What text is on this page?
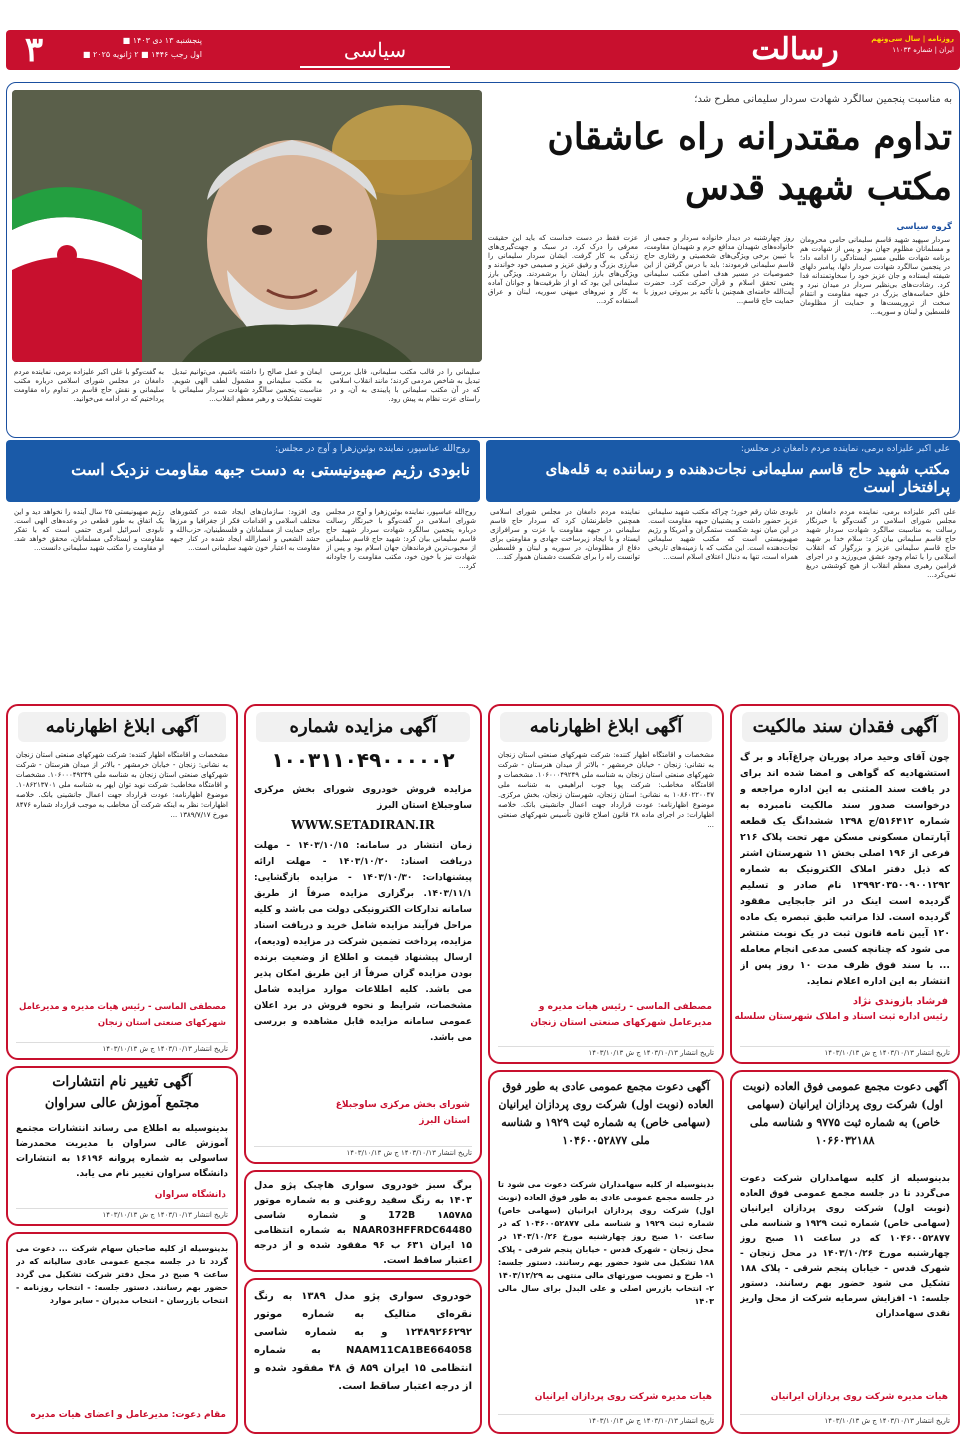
۳	پنجشنبه ۱۳ دی ۱۴۰۳ ■
اول رجب ۱۴۴۶ ■ ۲ ژانویه ۲۰۲۵ ■	سیاسی	رسالت	روزنامه | سال سی‌ونهم
ایران | شماره ۱۱۰۳۴
به مناسبت پنجمین سالگرد شهادت سردار سلیمانی مطرح شد؛
تداوم مقتدرانه راه عاشقان
مکتب شهید قدس
گروه سیاسی
سردار سپهبد شهید قاسم سلیمانی حامی محرومان و مسلمانان مظلوم جهان بود و پس از شهادت هم برنامه شهادت طلبی مسیر ایستادگی را ادامه داد؛ در پنجمین سالگرد شهادت سردار دلها، پیامبر دلهای شیفته ایستاده و جان عزیز خود را سخاوتمندانه فدا کرد. رشادت‌های بی‌نظیر سردار در میدان نبرد و خلق حماسه‌های بزرگ در جبهه مقاومت و انتقام سخت از تروریست‌ها و حمایت از مظلومان فلسطین و لبنان و سوریه...
روز چهارشنبه در دیدار خانواده سردار و جمعی از خانواده‌های شهیدان مدافع حرم و شهیدان مقاومت، با تبیین برخی ویژگی‌های شخصیتی و رفتاری حاج قاسم سلیمانی فرمودند: باید با درس گرفتن از این خصوصیات در مسیر هدف اصلی مکتب سلیمانی یعنی تحقق اسلام و قرآن حرکت کرد. حضرت آیت‌الله خامنه‌ای همچنین با تأکید بر بیروتی دیروز با حمایت حاج قاسم...
عزت فقط در دست خداست که باید این حقیقت معرفی را درک کرد. در سبک و جهت‌گیری‌های زندگی به کار گرفت. ایشان سردار سلیمانی را مبارزی بزرگ و رفیق عزیز و صمیمی خود خواندند و ویژگی‌های بارز ایشان را برشمردند. ویژگی بارز سلیمانی این بود که او از ظرفیت‌ها و جوانان آماده به کار و نیروهای میهنی سوریه، لبنان و عراق استفاده کرد...
سلیمانی را در قالب مکتب سلیمانی، قابل بررسی تبدیل به شاخص مردمی کردند؛ مانند انقلاب اسلامی که در آن مکتب سلیمانی با پایبندی به آن، و در راستای عزت نظام به پیش رود.
ایمان و عمل صالح را داشته باشیم، می‌توانیم تبدیل به مکتب سلیمانی و مشمول لطف الهی شویم. مناسبت پنجمین سالگرد شهادت سردار سلیمانی با تقویت تشکیلات و رهبر معظم انقلاب...
به گفت‌وگو با علی اکبر علیزاده برمی، نماینده مردم دامغان در مجلس شورای اسلامی درباره مکتب سلیمانی و نقش حاج قاسم در تداوم راه مقاومت پرداختیم که در ادامه می‌خوانید.
علی اکبر علیزاده برمی، نماینده مردم دامغان در مجلس:
مکتب شهید حاج قاسم سلیمانی نجات‌دهنده و رساننده به قله‌های پرافتخار است
روح‌الله عباسپور، نماینده بوئین‌زهرا و آوج در مجلس:
نابودی رژیم صهیونیستی به دست جبهه مقاومت نزدیک است
علی اکبر علیزاده برمی، نماینده مردم دامغان در مجلس شورای اسلامی در گفت‌وگو با خبرنگار رسالت به مناسبت سالگرد شهادت سردار شهید حاج قاسم سلیمانی بیان کرد: سلام خدا بر شهید حاج قاسم سلیمانی عزیز و بزرگوار که انقلاب اسلامی را با تمام وجود عشق می‌ورزید و در اجرای فرامین رهبری معظم انقلاب از هیچ کوششی دریغ نمی‌کرد...
نابودی شان رقم خورد؛ چراکه مکتب شهید سلیمانی عزیز حضور داشت و پشتیبان جبهه مقاومت است. در این میان نوید شکست ستمگران و آمریکا و رژیم صهیونیستی است که مکتب شهید سلیمانی نجات‌دهنده است. این مکتب که با زمینه‌های تاریخی همراه است، تنها به دنبال اعتلای اسلام است...
نماینده مردم دامغان در مجلس شورای اسلامی همچنین خاطرنشان کرد که سردار حاج قاسم سلیمانی در جبهه مقاومت با عزت و سرافرازی ایستاد و با ایجاد زیرساخت جهادی و مقاومتی برای دفاع از مظلومان، در سوریه و لبنان و فلسطین توانست راه را برای شکست دشمنان هموار کند...
روح‌الله عباسپور، نماینده بوئین‌زهرا و آوج در مجلس شورای اسلامی در گفت‌وگو با خبرنگار رسالت درباره پنجمین سالگرد شهادت سردار شهید حاج قاسم سلیمانی بیان کرد: شهید حاج قاسم سلیمانی از محبوب‌ترین فرماندهان جهان اسلام بود و پس از شهادت نیز با خون خود، مکتب مقاومت را جاودانه کرد...
وی افزود: سازمان‌های ایجاد شده در کشورهای مختلف اسلامی و اقدامات فکر از جغرافیا و مرزها برای حمایت از مسلمانان و فلسطینیان، حزب‌الله و حشد الشعبی و انصارالله ایجاد شده در کنار جبهه مقاومت به اعتبار خون شهید سلیمانی است...
رژیم صهیونیستی ۲۵ سال آینده را نخواهد دید و این یک اتفاق به طور قطعی در وعده‌های الهی است. نابودی اسرائیل امری حتمی است که با تفکر مقاومت و ایستادگی مسلمانان، محقق خواهد شد. او مقاومت را مکتب شهید سلیمانی دانست...
آگهی فقدان سند مالکیت
چون آقای وحید مراد پوریان چراغ‌آباد و بر گ استشهادیه که گواهی و امضا شده اند برای در یافت سند المثنی به این اداره مراجعه و درخواست صدور سند مالکیت نامبرده به شماره ۵۱۶۴۱۲/ج ۱۳۹۸ ششدانگ یک قطعه آپارتمان مسکونی مسکن مهر تحت پلاک ۲۱۶ فرعی از ۱۹۶ اصلی بخش ۱۱ شهرستان اشتر که ذیل دفتر املاک الکترونیک به شماره ۱۳۹۹۲۰۳۵۰۰۹۰۰۱۲۹۲ نام صادر و تسلیم گردیده است اینک در اثر جابجایی مفقود گردیده است. لذا مراتب طبق تبصره یک ماده ۱۲۰ آیین نامه قانون ثبت در یک نوبت منتشر می شود که چنانچه کسی مدعی انجام معامله ... با سند فوق ظرف مدت ۱۰ روز پس از انتشار به این اداره اعلام نماید.
فرشاد بازوندی نژاد
رئیس اداره ثبت اسناد و املاک شهرستان سلسله
تاریخ انتشار ۱۴۰۳/۱۰/۱۳ ج ش ۱۴۰۳/۱۰/۱۳
آگهی ابلاغ اظهارنامه
مشخصات و اقامتگاه اظهار کننده: شرکت شهرکهای صنعتی استان زنجان به نشانی: زنجان - خیابان خرمشهر - بالاتر از میدان هنرستان - شرکت شهرکهای صنعتی استان زنجان به شناسه ملی ۱۰۶۰۰۰۴۹۲۴۹. مشخصات و اقامتگاه مخاطب: شرکت پویا جوب ابراهیمی به شناسه ملی ۱۰۸۶۰۲۲۰۰۴۷ به نشانی: استان زنجان، شهرستان زنجان، بخش مرکزی. موضوع اظهارنامه: عودت قرارداد جهت اعمال جانشینی بانک. خلاصه اظهارات: در اجرای ماده ۲۸ قانون اصلاح قانون تأسیس شهرکهای صنعتی ...
مصطفی الماسی - رئیس هیات مدیره و
مدیرعامل شهرکهای صنعتی استان زنجان
تاریخ انتشار ۱۴۰۳/۱۰/۱۳ ج ش ۱۴۰۳/۱۰/۱۳
آگهی مزایده شماره
۱۰۰۳۱۱۰۴۹۰۰۰۰۰۲
مزایده فروش خودروی شورای بخش مرکزی ساوجبلاغ استان البرز
WWW.SETADIRAN.IR
زمان انتشار در سامانه: ۱۴۰۳/۱۰/۱۵ - مهلت دریافت اسناد: ۱۴۰۳/۱۰/۲۰ - مهلت ارائه پیشنهادات: ۱۴۰۳/۱۰/۳۰ - مزایده بازگشایی: ۱۴۰۳/۱۱/۱. برگزاری مزایده صرفاً از طریق سامانه تدارکات الکترونیکی دولت می باشد و کلیه مراحل فرآیند مزایده شامل خرید و دریافت اسناد مزایده، پرداخت تضمین شرکت در مزایده (ودیعه)، ارسال پیشنهاد قیمت و اطلاع از وضعیت برنده بودن مزایده گران صرفاً از این طریق امکان پذیر می باشد. کلیه اطلاعات موارد مزایده شامل مشخصات، شرایط و نحوه فروش در برد اعلان عمومی سامانه مزایده قابل مشاهده و بررسی می باشد.
شورای بخش مرکزی ساوجبلاغ
استان البرز
تاریخ انتشار ۱۴۰۳/۱۰/۱۳ ج ش ۱۴۰۳/۱۰/۱۳
آگهی ابلاغ اظهارنامه
مشخصات و اقامتگاه اظهار کننده: شرکت شهرکهای صنعتی استان زنجان به نشانی: زنجان - خیابان خرمشهر - بالاتر از میدان هنرستان - شرکت شهرکهای صنعتی استان زنجان به شناسه ملی ۱۰۶۰۰۰۴۹۲۴۹. مشخصات و اقامتگاه مخاطب: شرکت نوید توان ایهر به شناسه ملی ۱۰۸۶۲۱۳۷۰۱. موضوع اظهارنامه: عودت قرارداد جهت اعمال جانشینی بانک. خلاصه اظهارات: نظر به اینکه شرکت آن مخاطب به موجب قرارداد شماره ۸۴۷۶ مورخ ۱۳۸۹/۷/۱۷ ...
مصطفی الماسی - رئیس هیات مدیره و مدیرعامل
شهرکهای صنعتی استان زنجان
تاریخ انتشار ۱۴۰۳/۱۰/۱۳ ج ش ۱۴۰۳/۱۰/۱۳
آگهی دعوت مجمع عمومی فوق العاده (نوبت اول) شرکت روی پردازان ایرانیان (سهامی خاص) به شماره ثبت ۹۷۷۵ و شناسه ملی ۱۰۶۶۰۳۲۱۸۸
بدینوسیله از کلیه سهامداران شرکت دعوت می‌گردد تا در جلسه مجمع عمومی فوق العاده (نوبت اول) شرکت روی پردازان ایرانیان (سهامی خاص) شماره ثبت ۱۹۲۹ و شناسه ملی ۱۰۴۶۰۰۵۲۸۷۷ که در ساعت ۱۱ صبح روز چهارشنبه مورخ ۱۴۰۳/۱۰/۲۶ در محل زنجان - شهرک قدس - خیابان پنجم شرقی - پلاک ۱۸۸ تشکیل می شود حضور بهم رسانند. دستور جلسه: ۱- افزایش سرمایه شرکت از محل واریز نقدی سهامداران
هیات مدیره شرکت روی پردازان ایرانیان
تاریخ انتشار ۱۴۰۳/۱۰/۱۳ ج ش ۱۴۰۳/۱۰/۱۳
آگهی دعوت مجمع عمومی عادی به طور فوق العاده (نوبت اول) شرکت روی پردازان ایرانیان (سهامی خاص) به شماره ثبت ۱۹۲۹ و شناسه ملی ۱۰۴۶۰۰۵۲۸۷۷
بدینوسیله از کلیه سهامداران شرکت دعوت می شود تا در جلسه مجمع عمومی عادی به طور فوق العاده (نوبت اول) شرکت روی پردازان ایرانیان (سهامی خاص) شماره ثبت ۱۹۲۹ و شناسه ملی ۱۰۴۶۰۰۵۲۸۷۷ که در ساعت ۱۰ صبح روز چهارشنبه مورخ ۱۴۰۳/۱۰/۲۶ در محل زنجان - شهرک قدس - خیابان پنجم شرقی - پلاک ۱۸۸ تشکیل می شود حضور بهم رسانند. دستور جلسه: ۱- طرح و تصویب صورتهای مالی منتهی به ۱۴۰۳/۱۲/۲۹ ۲- انتخاب بازرس اصلی و علی البدل برای سال مالی ۱۴۰۳
هیات مدیره شرکت روی پردازان ایرانیان
تاریخ انتشار ۱۴۰۳/۱۰/۱۳ ج ش ۱۴۰۳/۱۰/۱۳
برگ سبز خودروی سواری هاچبک پژو مدل ۱۴۰۳ به رنگ سفید روغنی و به شماره موتور ۱۸۵۷۸۵ 172B و شماره شاسی NAAR03HFFRDC64480 به شماره انتظامی ۱۵ ایران ۶۳۱ ب ۹۶ مفقود شده و از درجه اعتبار ساقط است.
خودروی سواری پژو مدل ۱۳۸۹ به رنگ نقره‌ای متالیک به شماره موتور ۱۲۴۸۹۲۶۶۲۹۲ و به شماره شاسی NAAM11CA1BE664058 به شماره انتظامی ۱۵ ایران ۸۵۹ ق ۴۸ مفقود شده و از درجه اعتبار ساقط است.
آگهی تغییر نام انتشارات
مجتمع آموزش عالی سراوان
بدینوسیله به اطلاع می رساند انتشارات مجتمع آموزش عالی سراوان با مدیریت محمدرضا ساسولی به شماره پروانه ۱۶۱۹۶ به انتشارات دانشگاه سراوان تغییر نام می یابد.
دانشگاه سراوان
تاریخ انتشار ۱۴۰۳/۱۰/۱۳ ج ش ۱۴۰۳/۱۰/۱۳
بدینوسیله از کلیه صاحبان سهام شرکت ... دعوت می گردد تا در جلسه مجمع عمومی عادی سالیانه که در ساعت ۹ صبح در محل دفتر شرکت تشکیل می گردد حضور بهم رسانند. دستور جلسه: - انتخاب روزنامه - انتخاب بازرسان - انتخاب مدیران - سایر موارد
مقام دعوت: مدیرعامل و اعضای هیات مدیره
